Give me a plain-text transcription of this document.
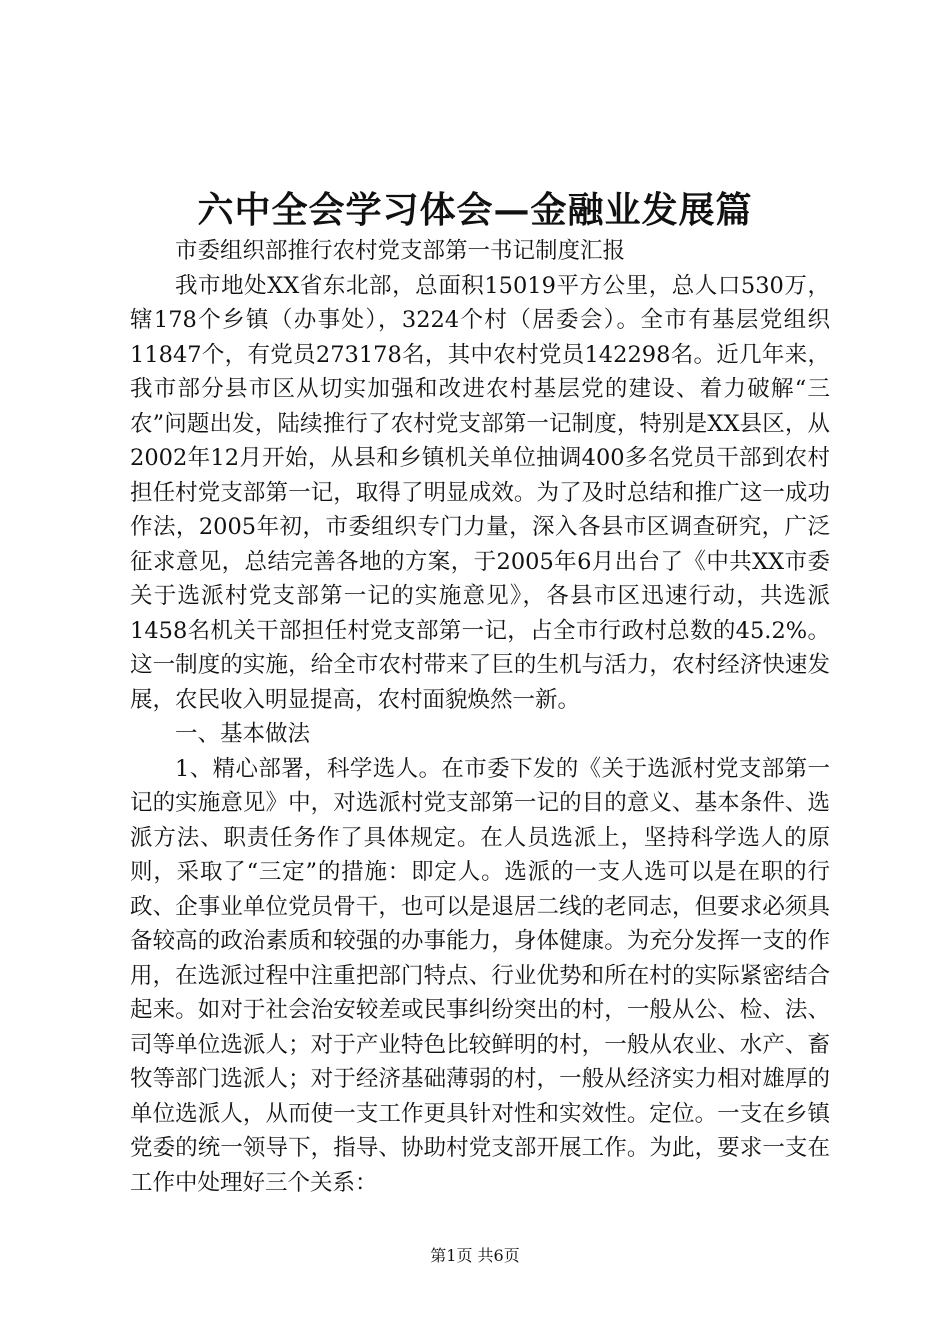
六中全会学习体会—金融业发展篇

市委组织部推行农村党支部第一书记制度汇报

我市地处XX省东北部，总面积15019平方公里，总人口530万，辖178个乡镇（办事处），3224个村（居委会）。全市有基层党组织11847个，有党员273178名，其中农村党员142298名。近几年来，我市部分县市区从切实加强和改进农村基层党的建设、着力破解“三农”问题出发，陆续推行了农村党支部第一记制度，特别是XX县区，从2002年12月开始，从县和乡镇机关单位抽调400多名党员干部到农村担任村党支部第一记，取得了明显成效。为了及时总结和推广这一成功作法，2005年初，市委组织专门力量，深入各县市区调查研究，广泛征求意见，总结完善各地的方案，于2005年6月出台了《中共XX市委关于选派村党支部第一记的实施意见》，各县市区迅速行动，共选派1458名机关干部担任村党支部第一记，占全市行政村总数的45.2%。这一制度的实施，给全市农村带来了巨的生机与活力，农村经济快速发展，农民收入明显提高，农村面貌焕然一新。

一、基本做法

1、精心部署，科学选人。在市委下发的《关于选派村党支部第一记的实施意见》中，对选派村党支部第一记的目的意义、基本条件、选派方法、职责任务作了具体规定。在人员选派上，坚持科学选人的原则，采取了“三定”的措施：即定人。选派的一支人选可以是在职的行政、企事业单位党员骨干，也可以是退居二线的老同志，但要求必须具备较高的政治素质和较强的办事能力，身体健康。为充分发挥一支的作用，在选派过程中注重把部门特点、行业优势和所在村的实际紧密结合起来。如对于社会治安较差或民事纠纷突出的村，一般从公、检、法、司等单位选派人；对于产业特色比较鲜明的村，一般从农业、水产、畜牧等部门选派人；对于经济基础薄弱的村，一般从经济实力相对雄厚的单位选派人，从而使一支工作更具针对性和实效性。定位。一支在乡镇党委的统一领导下，指导、协助村党支部开展工作。为此，要求一支在工作中处理好三个关系：

第1页 共6页
